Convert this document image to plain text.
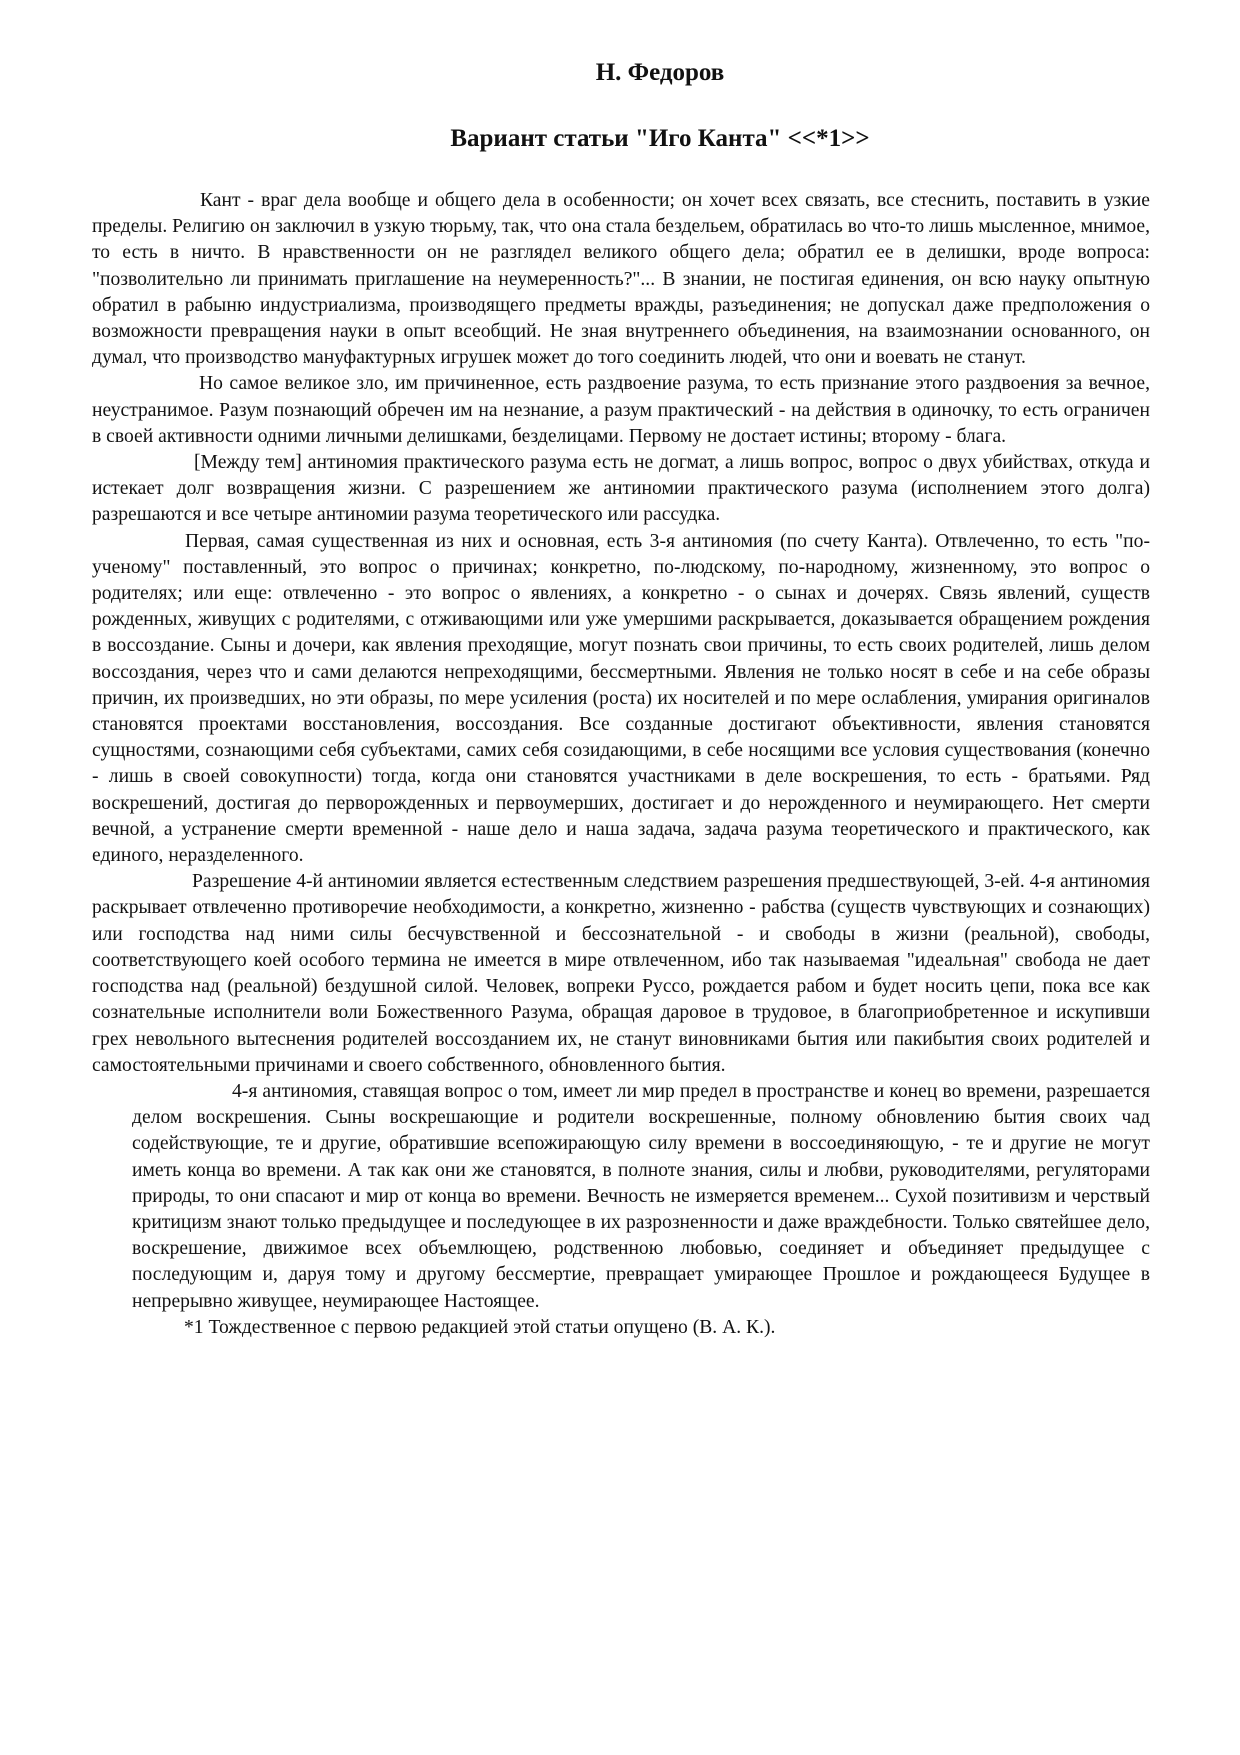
Н. Федоров
Вариант статьи "Иго Канта" <<*1>>

Кант - враг дела вообще и общего дела в особенности; он хочет всех связать, все стеснить, поставить в узкие пределы. Религию он заключил в узкую тюрьму, так, что она стала бездельем, обратилась во что-то лишь мысленное, мнимое, то есть в ничто. В нравственности он не разглядел великого общего дела; обратил ее в делишки, вроде вопроса: "позволительно ли принимать приглашение на неумеренность?"... В знании, не постигая единения, он всю науку опытную обратил в рабыню индустриализма, производящего предметы вражды, разъединения; не допускал даже предположения о возможности превращения науки в опыт всеобщий. Не зная внутреннего объединения, на взаимознании основанного, он думал, что производство мануфактурных игрушек может до того соединить людей, что они и воевать не станут.

Но самое великое зло, им причиненное, есть раздвоение разума, то есть признание этого раздвоения за вечное, неустранимое. Разум познающий обречен им на незнание, а разум практический - на действия в одиночку, то есть ограничен в своей активности одними личными делишками, безделицами. Первому не достает истины; второму - блага.

[Между тем] антиномия практического разума есть не догмат, а лишь вопрос, вопрос о двух убийствах, откуда и истекает долг возвращения жизни. С разрешением же антиномии практического разума (исполнением этого долга) разрешаются и все четыре антиномии разума теоретического или рассудка.

Первая, самая существенная из них и основная, есть 3-я антиномия (по счету Канта). Отвлеченно, то есть "по-ученому" поставленный, это вопрос о причинах; конкретно, по-людскому, по-народному, жизненному, это вопрос о родителях; или еще: отвлеченно - это вопрос о явлениях, а конкретно - о сынах и дочерях. Связь явлений, существ рожденных, живущих с родителями, с отживающими или уже умершими раскрывается, доказывается обращением рождения в воссоздание. Сыны и дочери, как явления преходящие, могут познать свои причины, то есть своих родителей, лишь делом воссоздания, через что и сами делаются непреходящими, бессмертными. Явления не только носят в себе и на себе образы причин, их произведших, но эти образы, по мере усиления (роста) их носителей и по мере ослабления, умирания оригиналов становятся проектами восстановления, воссоздания. Все созданные достигают объективности, явления становятся сущностями, сознающими себя субъектами, самих себя созидающими, в себе носящими все условия существования (конечно - лишь в своей совокупности) тогда, когда они становятся участниками в деле воскрешения, то есть - братьями. Ряд воскрешений, достигая до перворожденных и первоумерших, достигает и до нерожденного и неумирающего. Нет смерти вечной, а устранение смерти временной - наше дело и наша задача, задача разума теоретического и практического, как единого, неразделенного.

Разрешение 4-й антиномии является естественным следствием разрешения предшествующей, 3-ей. 4-я антиномия раскрывает отвлеченно противоречие необходимости, а конкретно, жизненно - рабства (существ чувствующих и сознающих) или господства над ними силы бесчувственной и бессознательной - и свободы в жизни (реальной), свободы, соответствующего коей особого термина не имеется в мире отвлеченном, ибо так называемая "идеальная" свобода не дает господства над (реальной) бездушной силой. Человек, вопреки Руссо, рождается рабом и будет носить цепи, пока все как сознательные исполнители воли Божественного Разума, обращая даровое в трудовое, в благоприобретенное и искупивши грех невольного вытеснения родителей воссозданием их, не станут виновниками бытия или пакибытия своих родителей и самостоятельными причинами и своего собственного, обновленного бытия.

4-я антиномия, ставящая вопрос о том, имеет ли мир предел в пространстве и конец во времени, разрешается делом воскрешения. Сыны воскрешающие и родители воскрешенные, полному обновлению бытия своих чад содействующие, те и другие, обратившие всепожирающую силу времени в воссоединяющую, - те и другие не могут иметь конца во времени. А так как они же становятся, в полноте знания, силы и любви, руководителями, регуляторами природы, то они спасают и мир от конца во времени. Вечность не измеряется временем... Сухой позитивизм и черствый критицизм знают только предыдущее и последующее в их разрозненности и даже враждебности. Только святейшее дело, воскрешение, движимое всех объемлющею, родственною любовью, соединяет и объединяет предыдущее с последующим и, даруя тому и другому бессмертие, превращает умирающее Прошлое и рождающееся Будущее в непрерывно живущее, неумирающее Настоящее.

*1 Тождественное с первою редакцией этой статьи опущено (В. А. К.).
